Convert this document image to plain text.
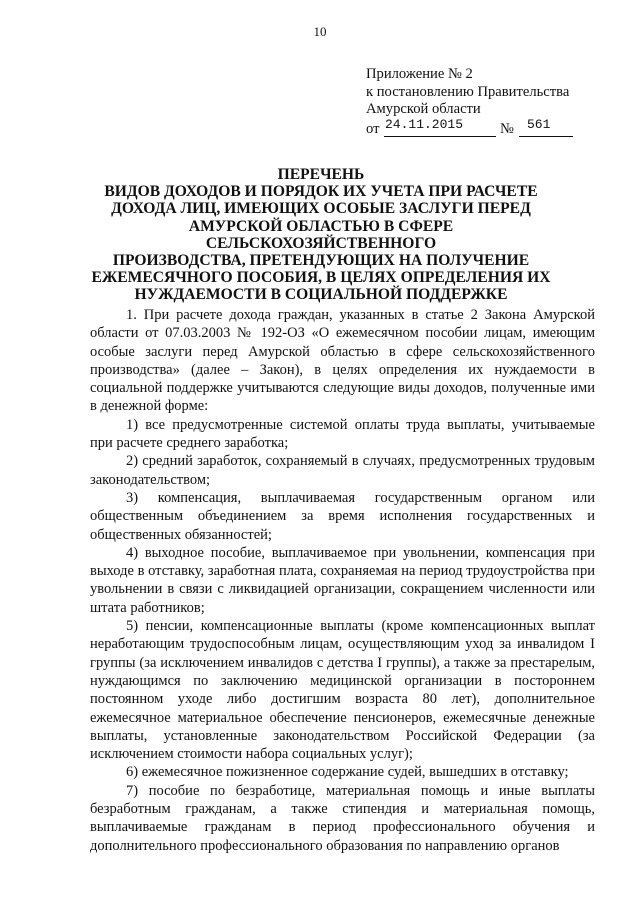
10
Приложение № 2
к постановлению Правительства
Амурской области
от 24.11.2015	№ 561
ПЕРЕЧЕНЬ
ВИДОВ ДОХОДОВ И ПОРЯДОК ИХ УЧЕТА ПРИ РАСЧЕТЕ
ДОХОДА ЛИЦ, ИМЕЮЩИХ ОСОБЫЕ ЗАСЛУГИ ПЕРЕД
АМУРСКОЙ ОБЛАСТЬЮ В СФЕРЕ СЕЛЬСКОХОЗЯЙСТВЕННОГО
ПРОИЗВОДСТВА, ПРЕТЕНДУЮЩИХ НА ПОЛУЧЕНИЕ
ЕЖЕМЕСЯЧНОГО ПОСОБИЯ, В ЦЕЛЯХ ОПРЕДЕЛЕНИЯ ИХ
НУЖДАЕМОСТИ В СОЦИАЛЬНОЙ ПОДДЕРЖКЕ

1. При расчете дохода граждан, указанных в статье 2 Закона Амурской области от 07.03.2003 № 192-ОЗ «О ежемесячном пособии лицам, имеющим особые заслуги перед Амурской областью в сфере сельскохозяйственного производства» (далее – Закон), в целях определения их нуждаемости в социальной поддержке учитываются следующие виды доходов, полученные ими в денежной форме:

1) все предусмотренные системой оплаты труда выплаты, учитываемые при расчете среднего заработка;

2) средний заработок, сохраняемый в случаях, предусмотренных трудовым законодательством;

3) компенсация, выплачиваемая государственным органом или общественным объединением за время исполнения государственных и общественных обязанностей;

4) выходное пособие, выплачиваемое при увольнении, компенсация при выходе в отставку, заработная плата, сохраняемая на период трудоустройства при увольнении в связи с ликвидацией организации, сокращением численности или штата работников;

5) пенсии, компенсационные выплаты (кроме компенсационных выплат неработающим трудоспособным лицам, осуществляющим уход за инвалидом I группы (за исключением инвалидов с детства I группы), а также за престарелым, нуждающимся по заключению медицинской организации в постороннем постоянном уходе либо достигшим возраста 80 лет), дополнительное ежемесячное материальное обеспечение пенсионеров, ежемесячные денежные выплаты, установленные законодательством Российской Федерации (за исключением стоимости набора социальных услуг);

6) ежемесячное пожизненное содержание судей, вышедших в отставку;

7) пособие по безработице, материальная помощь и иные выплаты безработным гражданам, а также стипендия и материальная помощь, выплачиваемые гражданам в период профессионального обучения и дополнительного профессионального образования по направлению органов
